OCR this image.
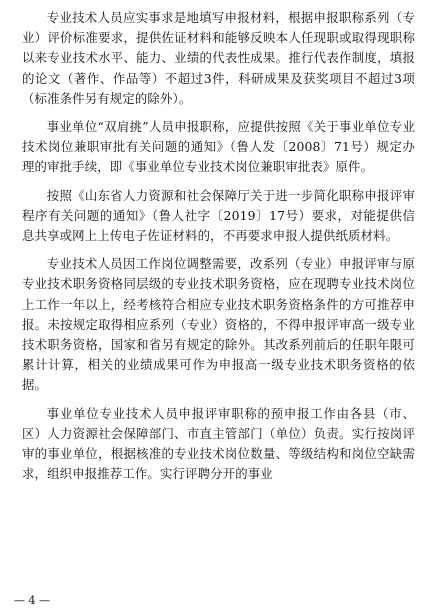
专业技术人员应实事求是地填写申报材料，根据申报职称系列（专业）评价标准要求，提供佐证材料和能够反映本人任现职或取得现职称以来专业技术水平、能力、业绩的代表性成果。推行代表作制度，填报的论文（著作、作品等）不超过3件，科研成果及获奖项目不超过3项（标准条件另有规定的除外）。

事业单位“双肩挑”人员申报职称，应提供按照《关于事业单位专业技术岗位兼职审批有关问题的通知》（鲁人发〔2008〕71号）规定办理的审批手续，即《事业单位专业技术岗位兼职审批表》原件。

按照《山东省人力资源和社会保障厅关于进一步简化职称申报评审程序有关问题的通知》（鲁人社字〔2019〕17号）要求，对能提供信息共享或网上上传电子佐证材料的，不再要求申报人提供纸质材料。

专业技术人员因工作岗位调整需要，改系列（专业）申报评审与原专业技术职务资格同层级的专业技术职务资格，应在现聘专业技术岗位上工作一年以上，经考核符合相应专业技术职务资格条件的方可推荐申报。未按规定取得相应系列（专业）资格的，不得申报评审高一级专业技术职务资格，国家和省另有规定的除外。其改系列前后的任职年限可累计计算，相关的业绩成果可作为申报高一级专业技术职务资格的依据。

事业单位专业技术人员申报评审职称的预申报工作由各县（市、区）人力资源社会保障部门、市直主管部门（单位）负责。实行按岗评审的事业单位，根据核准的专业技术岗位数量、等级结构和岗位空缺需求，组织申报推荐工作。实行评聘分开的事业

— 4 —
